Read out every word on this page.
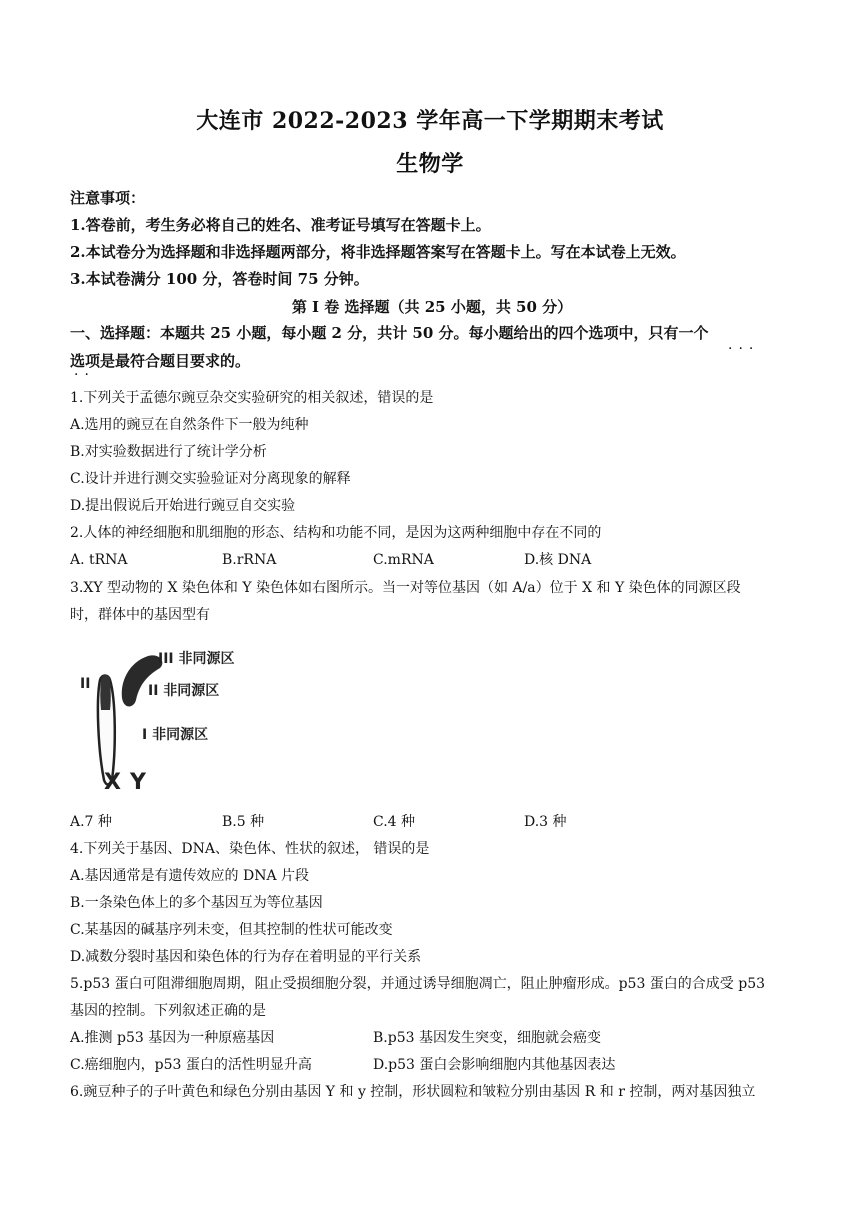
大连市 2022-2023 学年高一下学期期末考试
生物学
注意事项：
1.答卷前，考生务必将自己的姓名、准考证号填写在答题卡上。
2.本试卷分为选择题和非选择题两部分，将非选择题答案写在答题卡上。写在本试卷上无效。
3.本试卷满分 100 分，答卷时间 75 分钟。
第 I 卷 选择题（共 25 小题，共 50 分）
一、选择题：本题共 25 小题，每小题 2 分，共计 50 分。每小题给出的四个选项中，只有一个
···
选项是最符合题目要求的。
··
1.下列关于孟德尔豌豆杂交实验研究的相关叙述，错误的是
A.选用的豌豆在自然条件下一般为纯种
B.对实验数据进行了统计学分析
C.设计并进行测交实验验证对分离现象的解释
D.提出假说后开始进行豌豆自交实验
2.人体的神经细胞和肌细胞的形态、结构和功能不同，是因为这两种细胞中存在不同的
A. tRNA	B.rRNA	C.mRNA	D.核 DNA
3.XY 型动物的 X 染色体和 Y 染色体如右图所示。当一对等位基因（如 A/a）位于 X 和 Y 染色体的同源区段
时，群体中的基因型有
III 非同源区
II	II 非同源区
I 非同源区
X Y
A.7 种	B.5 种	C.4 种	D.3 种
4.下列关于基因、DNA、染色体、性状的叙述， 错误的是
A.基因通常是有遗传效应的 DNA 片段
B.一条染色体上的多个基因互为等位基因
C.某基因的碱基序列未变，但其控制的性状可能改变
D.减数分裂时基因和染色体的行为存在着明显的平行关系
5.p53 蛋白可阻滞细胞周期，阻止受损细胞分裂，并通过诱导细胞凋亡，阻止肿瘤形成。p53 蛋白的合成受 p53
基因的控制。下列叙述正确的是
A.推测 p53 基因为一种原癌基因	B.p53 基因发生突变，细胞就会癌变
C.癌细胞内，p53 蛋白的活性明显升高	D.p53 蛋白会影响细胞内其他基因表达
6.豌豆种子的子叶黄色和绿色分别由基因 Y 和 y 控制，形状圆粒和皱粒分别由基因 R 和 r 控制，两对基因独立
